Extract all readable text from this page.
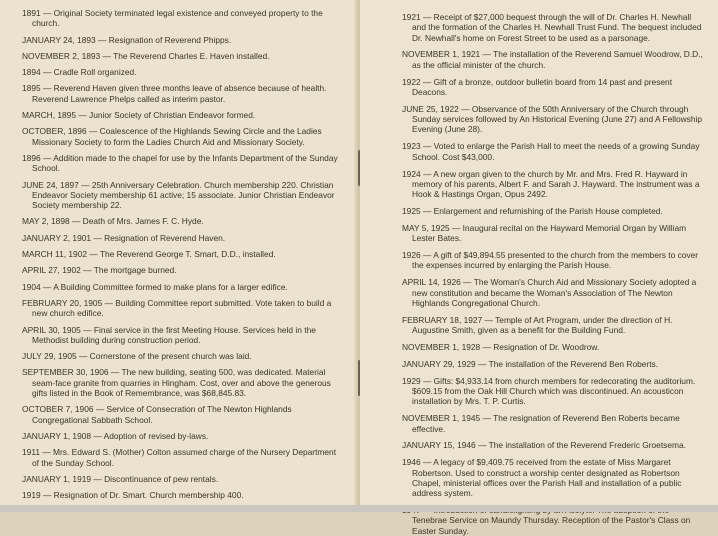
1891 — Original Society terminated legal existence and conveyed property to the church.

JANUARY 24, 1893 — Resignation of Reverend Phipps.

NOVEMBER 2, 1893 — The Reverend Charles E. Haven installed.

1894 — Cradle Roll organized.

1895 — Reverend Haven given three months leave of absence because of health. Reverend Lawrence Phelps called as interim pastor.

MARCH, 1895 — Junior Society of Christian Endeavor formed.

OCTOBER, 1896 — Coalescence of the Highlands Sewing Circle and the Ladies Missionary Society to form the Ladies Church Aid and Missionary Society.

1896 — Addition made to the chapel for use by the Infants Department of the Sunday School.

JUNE 24, 1897 — 25th Anniversary Celebration. Church membership 220. Christian Endeavor Society membership 61 active; 15 associate. Junior Christian Endeavor Society membership 22.

MAY 2, 1898 — Death of Mrs. James F. C. Hyde.

JANUARY 2, 1901 — Resignation of Reverend Haven.

MARCH 11, 1902 — The Reverend George T. Smart, D.D., installed.

APRIL 27, 1902 — The mortgage burned.

1904 — A Building Committee formed to make plans for a larger edifice.

FEBRUARY 20, 1905 — Building Committee report submitted. Vote taken to build a new church edifice.

APRIL 30, 1905 — Final service in the first Meeting House. Services held in the Methodist building during construction period.

JULY 29, 1905 — Cornerstone of the present church was laid.

SEPTEMBER 30, 1906 — The new building, seating 500, was dedicated. Material seam-face granite from quarries in Hingham. Cost, over and above the generous gifts listed in the Book of Remembrance, was $68,845.83.

OCTOBER 7, 1906 — Service of Consecration of The Newton Highlands Congregational Sabbath School.

JANUARY 1, 1908 — Adoption of revised by-laws.

1911 — Mrs. Edward S. (Mother) Colton assumed charge of the Nursery Department of the Sunday School.

JANUARY 1, 1919 — Discontinuance of pew rentals.

1919 — Resignation of Dr. Smart. Church membership 400.

1921 — Receipt of $27,000 bequest through the will of Dr. Charles H. Newhall and the formation of the Charles H. Newhall Trust Fund. The bequest included Dr. Newhall's home on Forest Street to be used as a parsonage.

NOVEMBER 1, 1921 — The installation of the Reverend Samuel Woodrow, D.D., as the official minister of the church.

1922 — Gift of a bronze, outdoor bulletin board from 14 past and present Deacons.

JUNE 25, 1922 — Observance of the 50th Anniversary of the Church through Sunday services followed by An Historical Evening (June 27) and A Fellowship Evening (June 28).

1923 — Voted to enlarge the Parish Hall to meet the needs of a growing Sunday School. Cost $43,000.

1924 — A new organ given to the church by Mr. and Mrs. Fred R. Hayward in memory of his parents, Albert F. and Sarah J. Hayward. The instrument was a Hook & Hastings Organ, Opus 2492.

1925 — Enlargement and refurnishing of the Parish House completed.

MAY 5, 1925 — Inaugural recital on the Hayward Memorial Organ by William Lester Bates.

1926 — A gift of $49,894.55 presented to the church from the members to cover the expenses incurred by enlarging the Parish House.

APRIL 14, 1926 — The Woman's Church Aid and Missionary Society adopted a new constitution and became the Woman's Association of The Newton Highlands Congregational Church.

FEBRUARY 18, 1927 — Temple of Art Program, under the direction of H. Augustine Smith, given as a benefit for the Building Fund.

NOVEMBER 1, 1928 — Resignation of Dr. Woodrow.

JANUARY 29, 1929 — The installation of the Reverend Ben Roberts.

1929 — Gifts: $4,933.14 from church members for redecorating the auditorium. $609.15 from the Oak Hill Church which was discontinued. An acousticon installation by Mrs. T. P. Curtis.

NOVEMBER 1, 1945 — The resignation of Reverend Ben Roberts became effective.

JANUARY 15, 1946 — The installation of the Reverend Frederic Groetsema.

1946 — A legacy of $9,409.75 received from the estate of Miss Margaret Robertson. Used to construct a worship center designated as Robertson Chapel, ministerial offices over the Parish Hall and installation of a public address system.

Tenebrae Service on Maundy Thursday. Reception of the Pastor's Class on Easter Sunday.
